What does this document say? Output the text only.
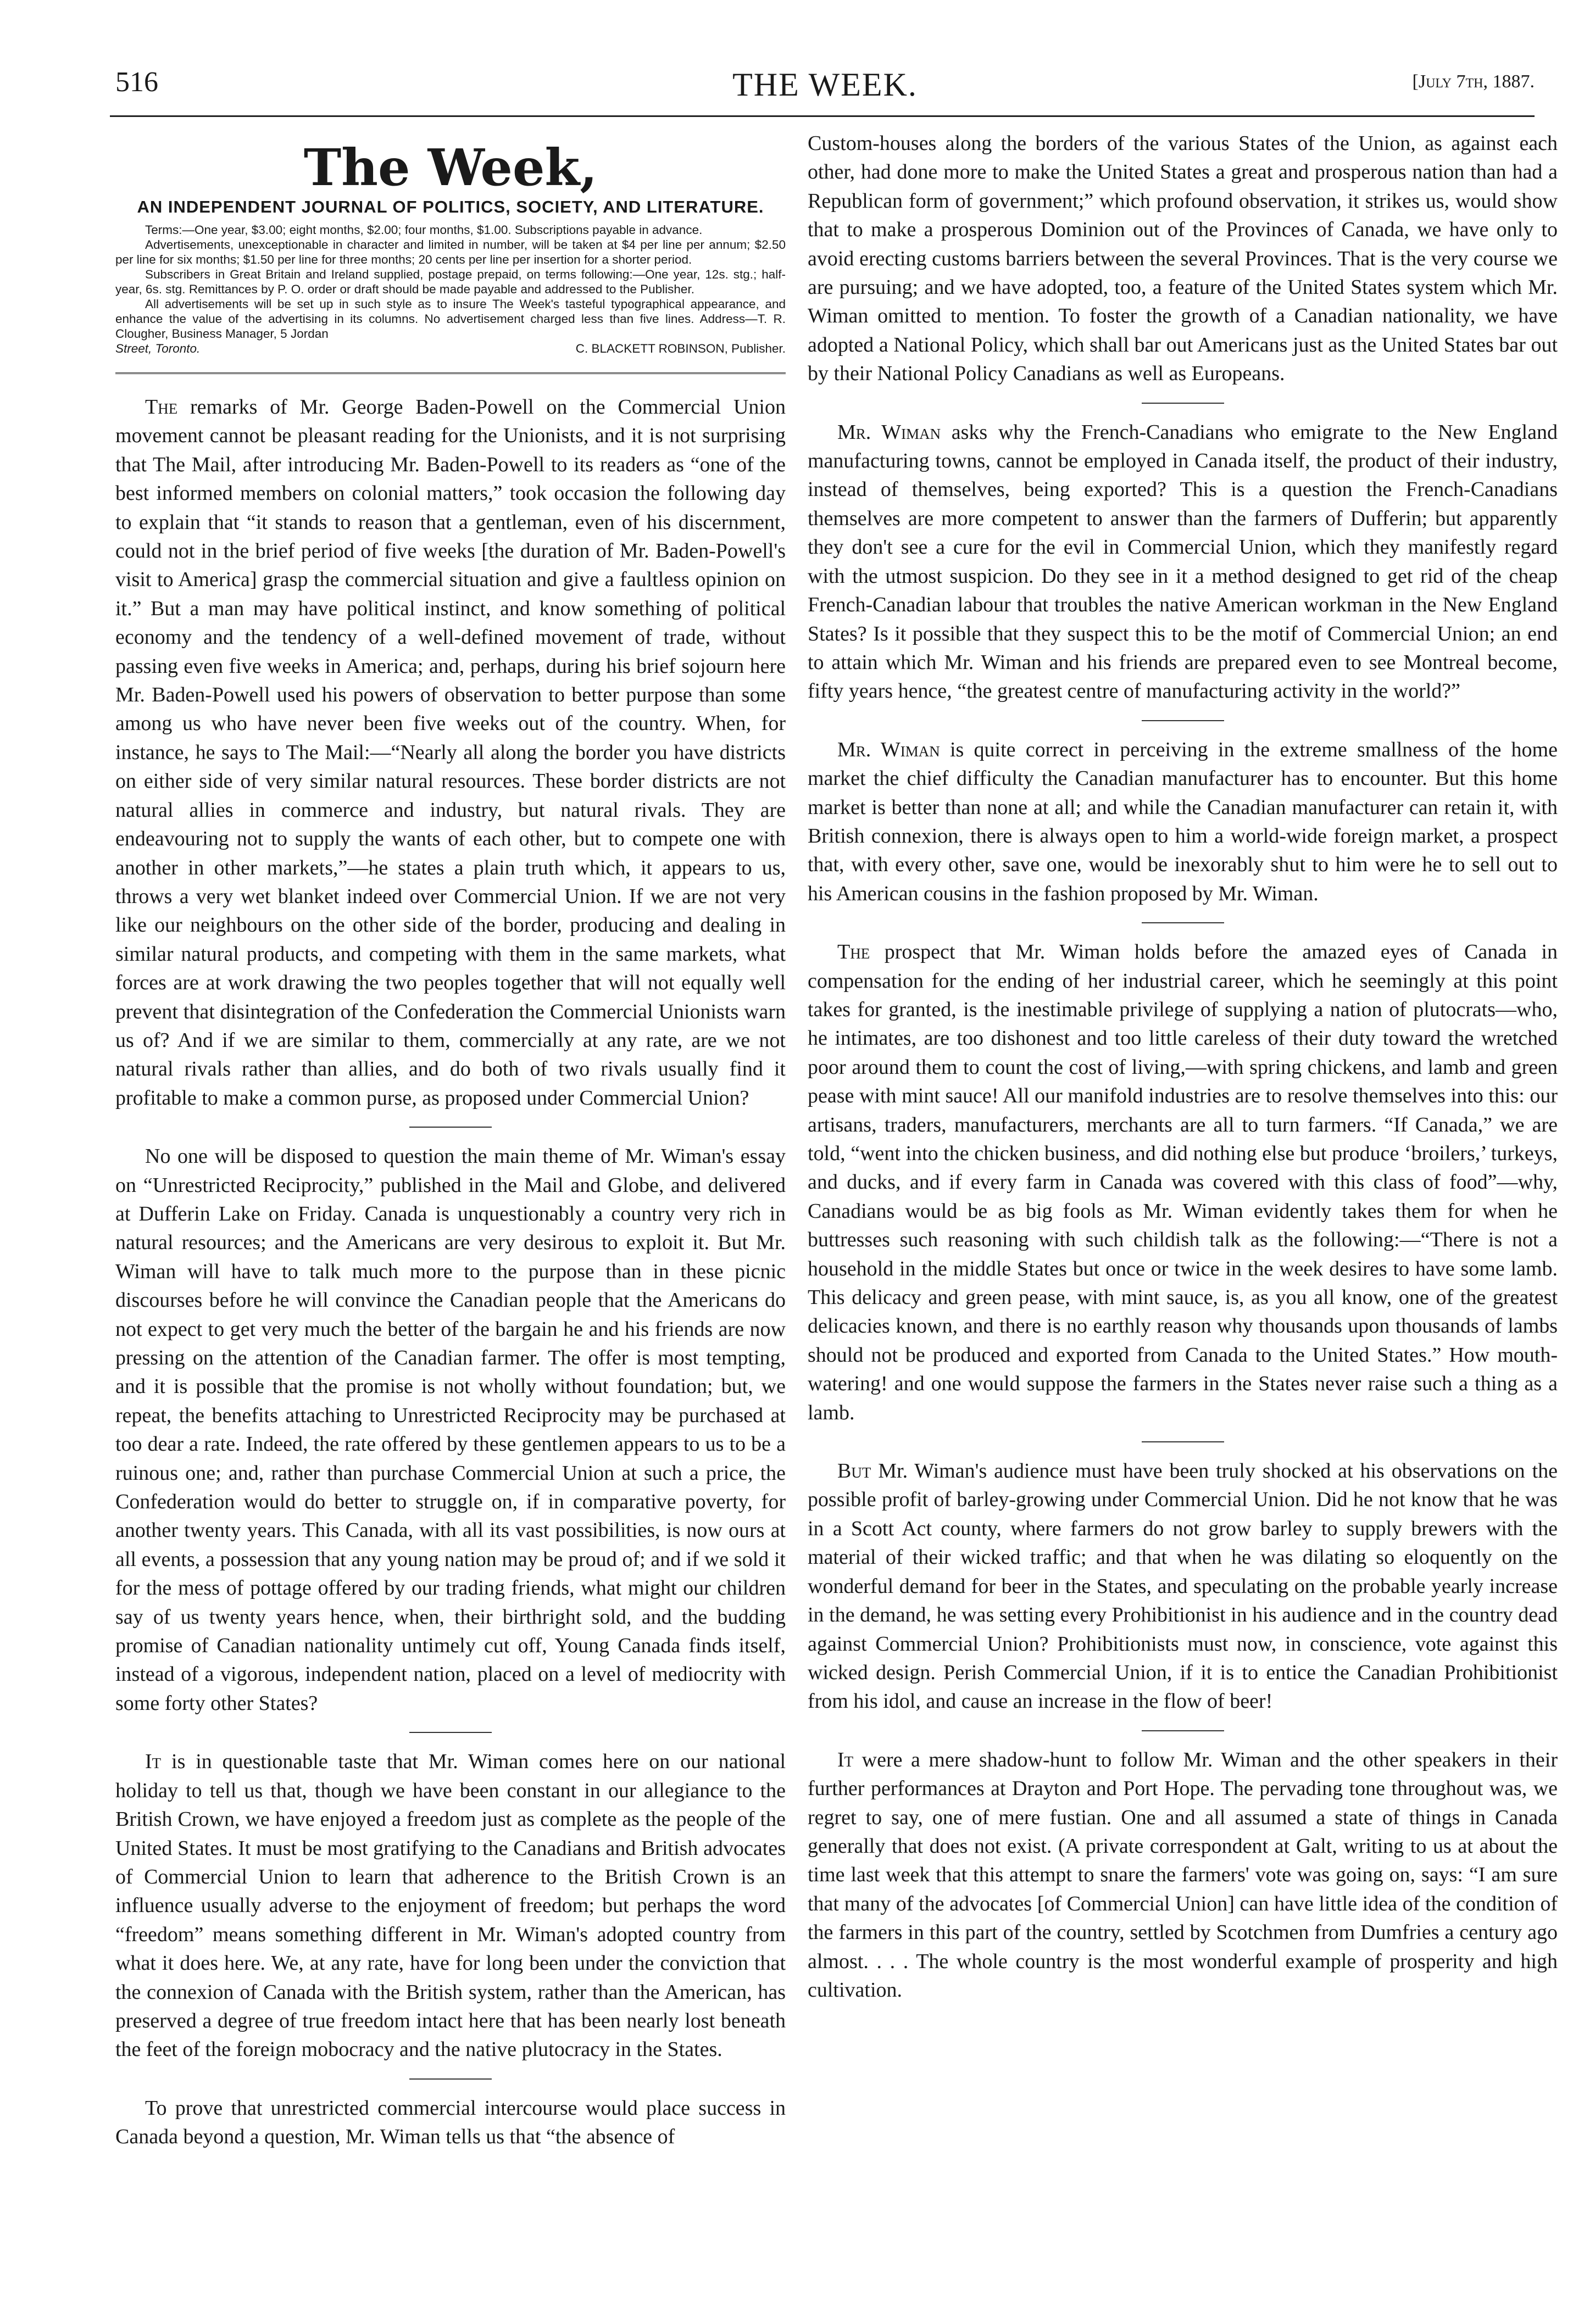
516	THE WEEK.	[July 7th, 1887.
The Week,
AN INDEPENDENT JOURNAL OF POLITICS, SOCIETY, AND LITERATURE.

Terms:—One year, $3.00; eight months, $2.00; four months, $1.00. Subscriptions payable in advance.

Advertisements, unexceptionable in character and limited in number, will be taken at $4 per line per annum; $2.50 per line for six months; $1.50 per line for three months; 20 cents per line per insertion for a shorter period.

Subscribers in Great Britain and Ireland supplied, postage prepaid, on terms following:—One year, 12s. stg.; half-year, 6s. stg. Remittances by P. O. order or draft should be made payable and addressed to the Publisher.

All advertisements will be set up in such style as to insure The Week's tasteful typographical appearance, and enhance the value of the advertising in its columns. No advertisement charged less than five lines. Address—T. R. Clougher, Business Manager, 5 Jordan

Street, Toronto.	C. BLACKETT ROBINSON, Publisher.

The remarks of Mr. George Baden-Powell on the Commercial Union movement cannot be pleasant reading for the Unionists, and it is not surprising that The Mail, after introducing Mr. Baden-Powell to its readers as “one of the best informed members on colonial matters,” took occasion the following day to explain that “it stands to reason that a gentleman, even of his discernment, could not in the brief period of five weeks [the duration of Mr. Baden-Powell's visit to America] grasp the commercial situation and give a faultless opinion on it.” But a man may have political instinct, and know something of political economy and the tendency of a well-defined movement of trade, without passing even five weeks in America; and, perhaps, during his brief sojourn here Mr. Baden-Powell used his powers of observation to better purpose than some among us who have never been five weeks out of the country. When, for instance, he says to The Mail:—“Nearly all along the border you have districts on either side of very similar natural resources. These border districts are not natural allies in commerce and industry, but natural rivals. They are endeavouring not to supply the wants of each other, but to compete one with another in other markets,”—he states a plain truth which, it appears to us, throws a very wet blanket indeed over Commercial Union. If we are not very like our neighbours on the other side of the border, producing and dealing in similar natural products, and competing with them in the same markets, what forces are at work drawing the two peoples together that will not equally well prevent that disintegration of the Confederation the Commercial Unionists warn us of? And if we are similar to them, commercially at any rate, are we not natural rivals rather than allies, and do both of two rivals usually find it profitable to make a common purse, as proposed under Commercial Union?

No one will be disposed to question the main theme of Mr. Wiman's essay on “Unrestricted Reciprocity,” published in the Mail and Globe, and delivered at Dufferin Lake on Friday. Canada is unquestionably a country very rich in natural resources; and the Americans are very desirous to exploit it. But Mr. Wiman will have to talk much more to the purpose than in these picnic discourses before he will convince the Canadian people that the Americans do not expect to get very much the better of the bargain he and his friends are now pressing on the attention of the Canadian farmer. The offer is most tempting, and it is possible that the promise is not wholly without foundation; but, we repeat, the benefits attaching to Unrestricted Reciprocity may be purchased at too dear a rate. Indeed, the rate offered by these gentlemen appears to us to be a ruinous one; and, rather than purchase Commercial Union at such a price, the Confederation would do better to struggle on, if in comparative poverty, for another twenty years. This Canada, with all its vast possibilities, is now ours at all events, a possession that any young nation may be proud of; and if we sold it for the mess of pottage offered by our trading friends, what might our children say of us twenty years hence, when, their birthright sold, and the budding promise of Canadian nationality untimely cut off, Young Canada finds itself, instead of a vigorous, independent nation, placed on a level of mediocrity with some forty other States?

It is in questionable taste that Mr. Wiman comes here on our national holiday to tell us that, though we have been constant in our allegiance to the British Crown, we have enjoyed a freedom just as complete as the people of the United States. It must be most gratifying to the Canadians and British advocates of Commercial Union to learn that adherence to the British Crown is an influence usually adverse to the enjoyment of freedom; but perhaps the word “freedom” means something different in Mr. Wiman's adopted country from what it does here. We, at any rate, have for long been under the conviction that the connexion of Canada with the British system, rather than the American, has preserved a degree of true freedom intact here that has been nearly lost beneath the feet of the foreign mobocracy and the native plutocracy in the States.

To prove that unrestricted commercial intercourse would place success in Canada beyond a question, Mr. Wiman tells us that “the absence of

Custom-houses along the borders of the various States of the Union, as against each other, had done more to make the United States a great and prosperous nation than had a Republican form of government;” which profound observation, it strikes us, would show that to make a prosperous Dominion out of the Provinces of Canada, we have only to avoid erecting customs barriers between the several Provinces. That is the very course we are pursuing; and we have adopted, too, a feature of the United States system which Mr. Wiman omitted to mention. To foster the growth of a Canadian nationality, we have adopted a National Policy, which shall bar out Americans just as the United States bar out by their National Policy Canadians as well as Europeans.

Mr. Wiman asks why the French-Canadians who emigrate to the New England manufacturing towns, cannot be employed in Canada itself, the product of their industry, instead of themselves, being exported? This is a question the French-Canadians themselves are more competent to answer than the farmers of Dufferin; but apparently they don't see a cure for the evil in Commercial Union, which they manifestly regard with the utmost suspicion. Do they see in it a method designed to get rid of the cheap French-Canadian labour that troubles the native American workman in the New England States? Is it possible that they suspect this to be the motif of Commercial Union; an end to attain which Mr. Wiman and his friends are prepared even to see Montreal become, fifty years hence, “the greatest centre of manufacturing activity in the world?”

Mr. Wiman is quite correct in perceiving in the extreme smallness of the home market the chief difficulty the Canadian manufacturer has to encounter. But this home market is better than none at all; and while the Canadian manufacturer can retain it, with British connexion, there is always open to him a world-wide foreign market, a prospect that, with every other, save one, would be inexorably shut to him were he to sell out to his American cousins in the fashion proposed by Mr. Wiman.

The prospect that Mr. Wiman holds before the amazed eyes of Canada in compensation for the ending of her industrial career, which he seemingly at this point takes for granted, is the inestimable privilege of supplying a nation of plutocrats—who, he intimates, are too dishonest and too little careless of their duty toward the wretched poor around them to count the cost of living,—with spring chickens, and lamb and green pease with mint sauce! All our manifold industries are to resolve themselves into this: our artisans, traders, manufacturers, merchants are all to turn farmers. “If Canada,” we are told, “went into the chicken business, and did nothing else but produce ‘broilers,’ turkeys, and ducks, and if every farm in Canada was covered with this class of food”—why, Canadians would be as big fools as Mr. Wiman evidently takes them for when he buttresses such reasoning with such childish talk as the following:—“There is not a household in the middle States but once or twice in the week desires to have some lamb. This delicacy and green pease, with mint sauce, is, as you all know, one of the greatest delicacies known, and there is no earthly reason why thousands upon thousands of lambs should not be produced and exported from Canada to the United States.” How mouth-watering! and one would suppose the farmers in the States never raise such a thing as a lamb.

But Mr. Wiman's audience must have been truly shocked at his observations on the possible profit of barley-growing under Commercial Union. Did he not know that he was in a Scott Act county, where farmers do not grow barley to supply brewers with the material of their wicked traffic; and that when he was dilating so eloquently on the wonderful demand for beer in the States, and speculating on the probable yearly increase in the demand, he was setting every Prohibitionist in his audience and in the country dead against Commercial Union? Prohibitionists must now, in conscience, vote against this wicked design. Perish Commercial Union, if it is to entice the Canadian Prohibitionist from his idol, and cause an increase in the flow of beer!

It were a mere shadow-hunt to follow Mr. Wiman and the other speakers in their further performances at Drayton and Port Hope. The pervading tone throughout was, we regret to say, one of mere fustian. One and all assumed a state of things in Canada generally that does not exist. (A private correspondent at Galt, writing to us at about the time last week that this attempt to snare the farmers' vote was going on, says: “I am sure that many of the advocates [of Commercial Union] can have little idea of the condition of the farmers in this part of the country, settled by Scotchmen from Dumfries a century ago almost. . . . The whole country is the most wonderful example of prosperity and high cultivation.
